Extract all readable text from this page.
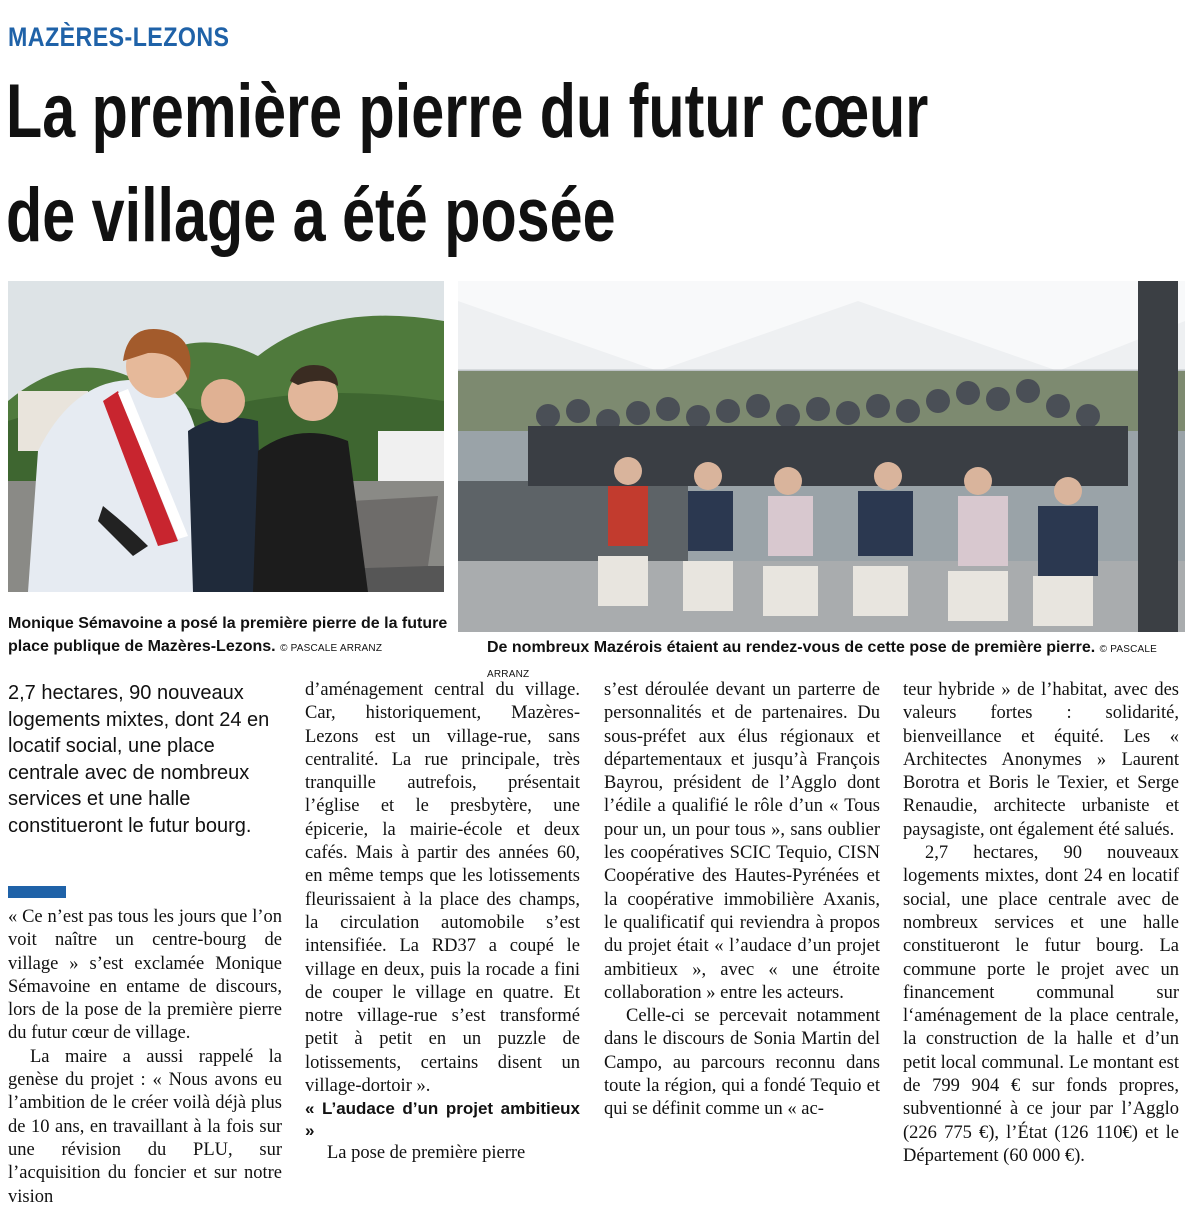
MAZÈRES-LEZONS
La première pierre du futur cœur
de village a été posée
Monique Sémavoine a posé la première pierre de la future place publique de Mazères-Lezons. © PASCALE ARRANZ	De nombreux Mazérois étaient au rendez-vous de cette pose de première pierre. © PASCALE ARRANZ
2,7 hectares, 90 nouveaux logements mixtes, dont 24 en locatif social, une place centrale avec de nombreux services et une halle constitueront le futur bourg.

« Ce n’est pas tous les jours que l’on voit naître un centre-bourg de village » s’est exclamée Monique Sémavoine en entame de discours, lors de la pose de la première pierre du futur cœur de village.

La maire a aussi rappelé la genèse du projet : « Nous avons eu l’ambition de le créer voilà déjà plus de 10 ans, en travaillant à la fois sur une révision du PLU, sur l’acquisition du foncier et sur notre vision

d’aménagement central du village. Car, historiquement, Mazères-Lezons est un village-rue, sans centralité. La rue principale, très tranquille autrefois, présentait l’église et le presbytère, une épicerie, la mairie-école et deux cafés. Mais à partir des années 60, en même temps que les lotissements fleurissaient à la place des champs, la circulation automobile s’est intensifiée. La RD37 a coupé le village en deux, puis la rocade a fini de couper le village en quatre. Et notre village-rue s’est transformé petit à petit en un puzzle de lotissements, certains disent un village-dortoir ».

« L’audace d’un projet ambitieux »

La pose de première pierre

s’est déroulée devant un parterre de personnalités et de partenaires. Du sous-préfet aux élus régionaux et départementaux et jusqu’à François Bayrou, président de l’Agglo dont l’édile a qualifié le rôle d’un « Tous pour un, un pour tous », sans oublier les coopératives SCIC Tequio, CISN Coopérative des Hautes-Pyrénées et la coopérative immobilière Axanis, le qualificatif qui reviendra à propos du projet était « l’audace d’un projet ambitieux », avec « une étroite collaboration » entre les acteurs.

Celle-ci se percevait notamment dans le discours de Sonia Martin del Campo, au parcours reconnu dans toute la région, qui a fondé Tequio et qui se définit comme un « ac-

teur hybride » de l’habitat, avec des valeurs fortes : solidarité, bienveillance et équité. Les « Architectes Anonymes » Laurent Borotra et Boris le Texier, et Serge Renaudie, architecte urbaniste et paysagiste, ont également été salués.

2,7 hectares, 90 nouveaux logements mixtes, dont 24 en locatif social, une place centrale avec de nombreux services et une halle constitueront le futur bourg. La commune porte le projet avec un financement communal sur l‘aménagement de la place centrale, la construction de la halle et d’un petit local communal. Le montant est de 799 904 € sur fonds propres, subventionné à ce jour par l’Agglo (226 775 €), l’État (126 110€) et le Département (60 000 €).
